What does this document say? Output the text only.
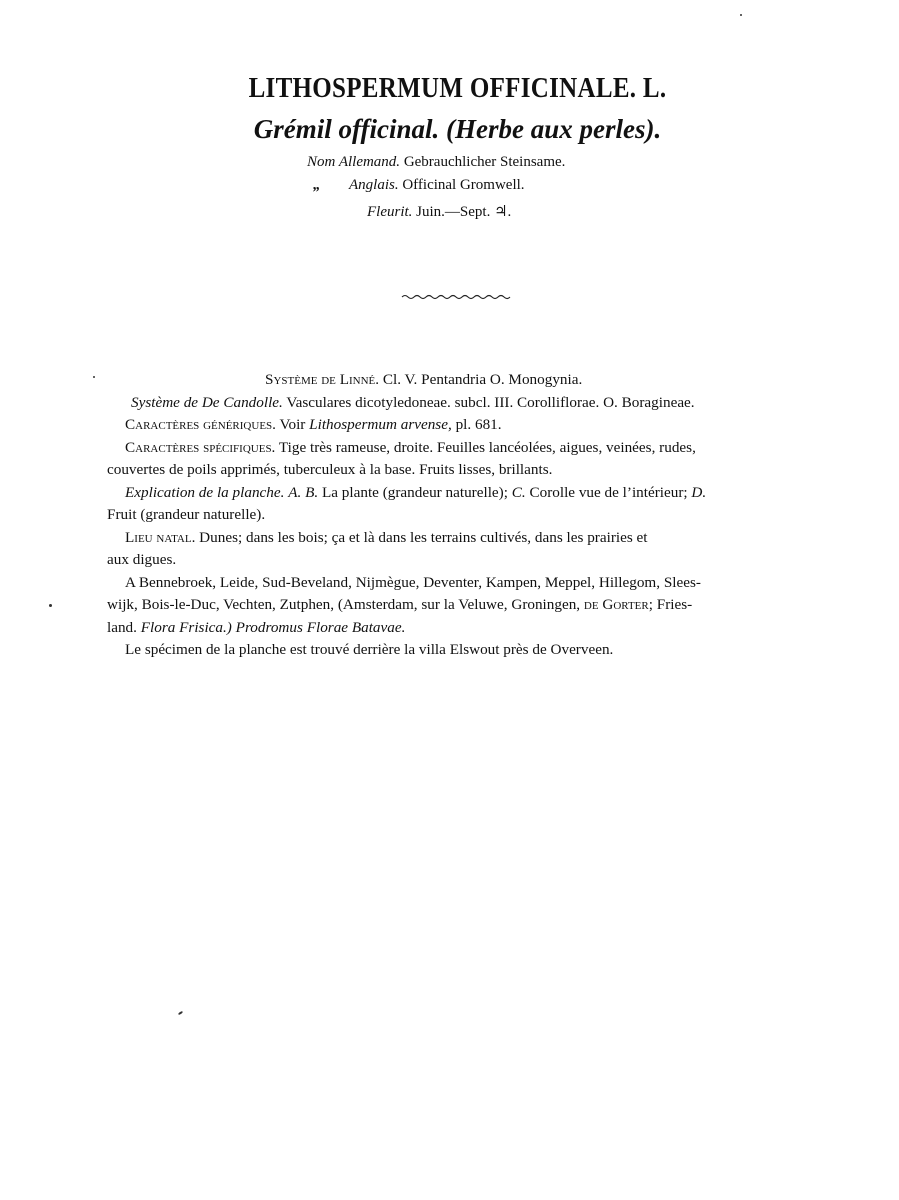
LITHOSPERMUM OFFICINALE. L.
Grémil officinal. (Herbe aux perles).
Nom Allemand. Gebrauchlicher Steinsame.
„ Anglais. Officinal Gromwell.
Fleurit. Juin.—Sept. ♃.
Système de Linné. Cl. V. Pentandria O. Monogynia.
Système de De Candolle. Vasculares dicotyledoneae. subcl. III. Corolliflorae. O. Boragineae.
Caractères génériques. Voir Lithospermum arvense, pl. 681.
Caractères spécifiques. Tige très rameuse, droite. Feuilles lancéolées, aigues, veinées, rudes,
couvertes de poils apprimés, tuberculeux à la base. Fruits lisses, brillants.
Explication de la planche. A. B. La plante (grandeur naturelle); C. Corolle vue de l’intérieur; D.
Fruit (grandeur naturelle).
Lieu natal. Dunes; dans les bois; ça et là dans les terrains cultivés, dans les prairies et
aux digues.
A Bennebroek, Leide, Sud-Beveland, Nijmègue, Deventer, Kampen, Meppel, Hillegom, Slees-
wijk, Bois-le-Duc, Vechten, Zutphen, (Amsterdam, sur la Veluwe, Groningen, de Gorter; Fries-
land. Flora Frisica.) Prodromus Florae Batavae.
Le spécimen de la planche est trouvé derrière la villa Elswout près de Overveen.
